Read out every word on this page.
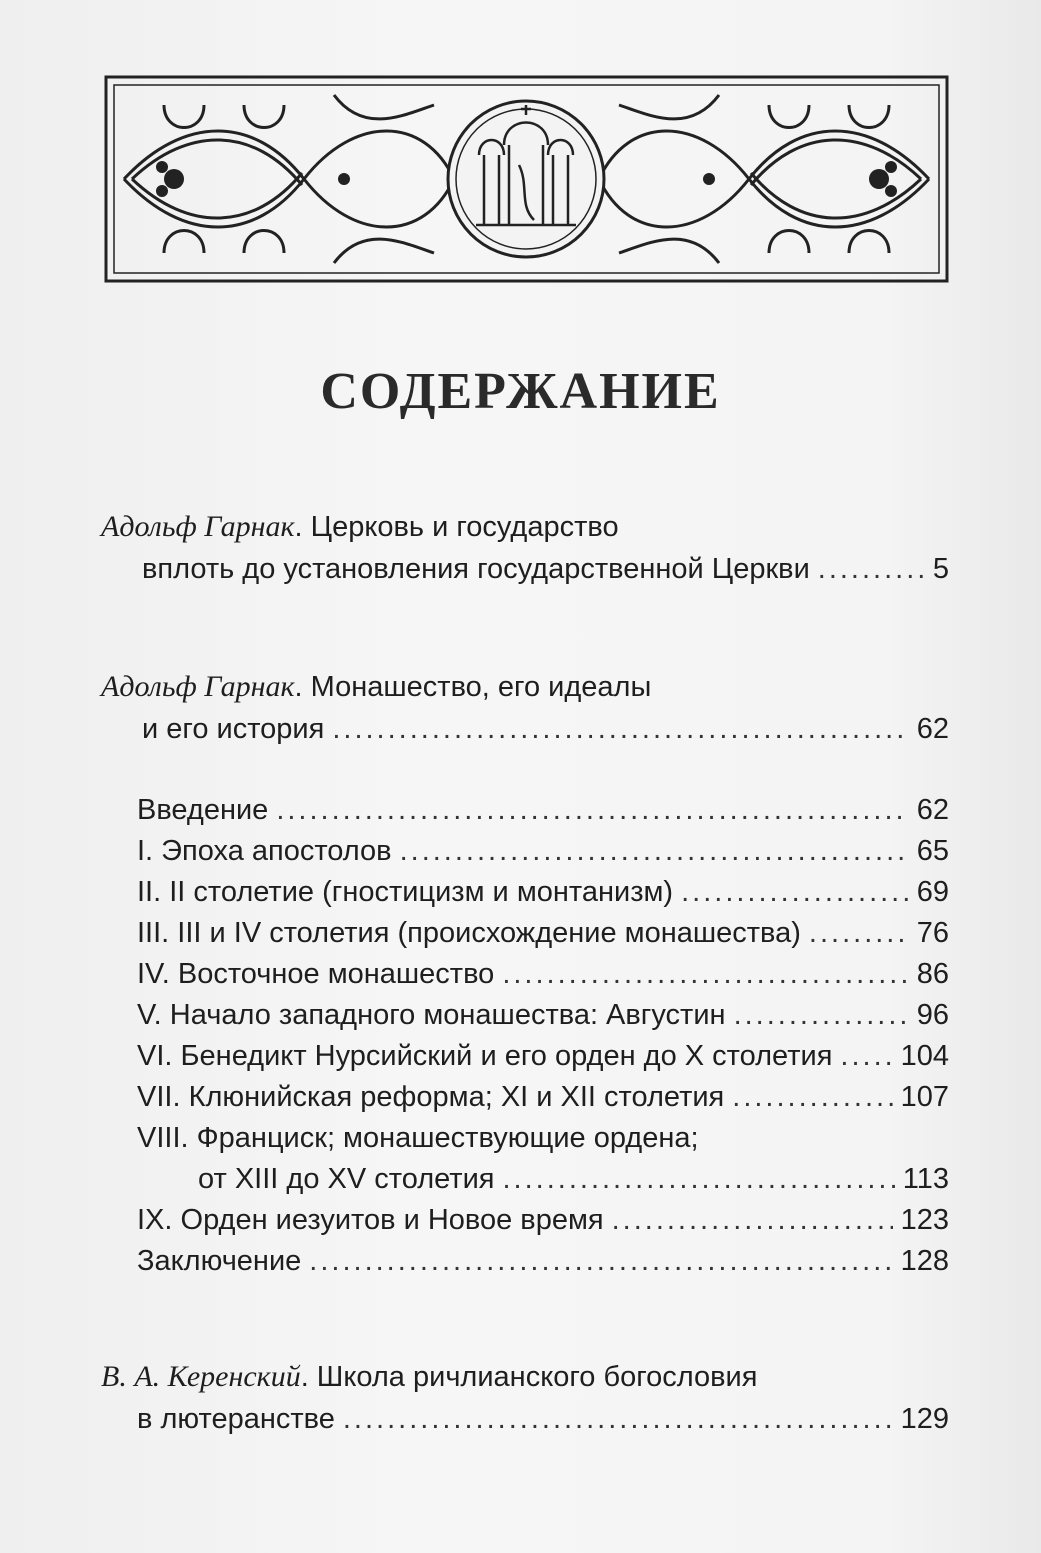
СОДЕРЖАНИЕ
Адольф Гарнак . Церковь и государство
вплоть до установления государственной Церкви .....	5
Адольф Гарнак . Монашество, его идеалы
и его история .....	62
Введение .....	62
I. Эпоха апостолов .....	65
II. II столетие (гностицизм и монтанизм) .....	69
III. III и IV столетия (происхождение монашества) .....	76
IV. Восточное монашество .....	86
V. Начало западного монашества: Августин .....	96
VI. Бенедикт Нурсийский и его орден до X столетия ..... 104
VII. Клюнийская реформа; XI и XII столетия .....	107
VIII. Франциск; монашествующие ордена;
от XIII до XV столетия .....	113
IX. Орден иезуитов и Новое время .....	123
Заключение .....	128
В. А. Керенский . Школа ричлианского богословия
в лютеранстве .....	129
